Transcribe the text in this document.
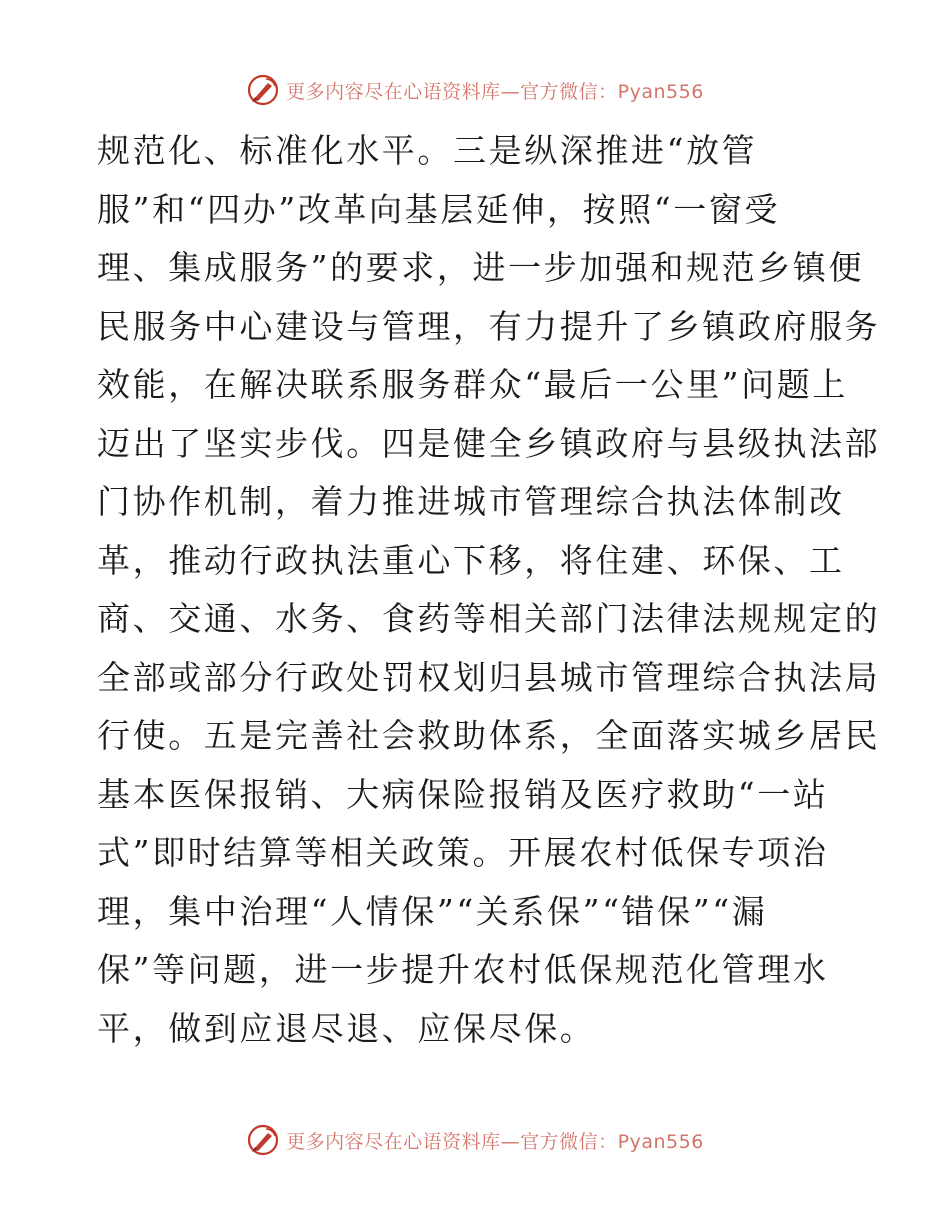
更多内容尽在心语资料库—官方微信：Pyan556
规范化、标准化水平。三是纵深推进“放管
服”和“四办”改革向基层延伸，按照“一窗受
理、集成服务”的要求，进一步加强和规范乡镇便
民服务中心建设与管理，有力提升了乡镇政府服务
效能，在解决联系服务群众“最后一公里”问题上
迈出了坚实步伐。四是健全乡镇政府与县级执法部
门协作机制，着力推进城市管理综合执法体制改
革，推动行政执法重心下移，将住建、环保、工
商、交通、水务、食药等相关部门法律法规规定的
全部或部分行政处罚权划归县城市管理综合执法局
行使。五是完善社会救助体系，全面落实城乡居民
基本医保报销、大病保险报销及医疗救助“一站
式”即时结算等相关政策。开展农村低保专项治
理，集中治理“人情保”“关系保”“错保”“漏
保”等问题，进一步提升农村低保规范化管理水
平，做到应退尽退、应保尽保。
更多内容尽在心语资料库—官方微信：Pyan556
